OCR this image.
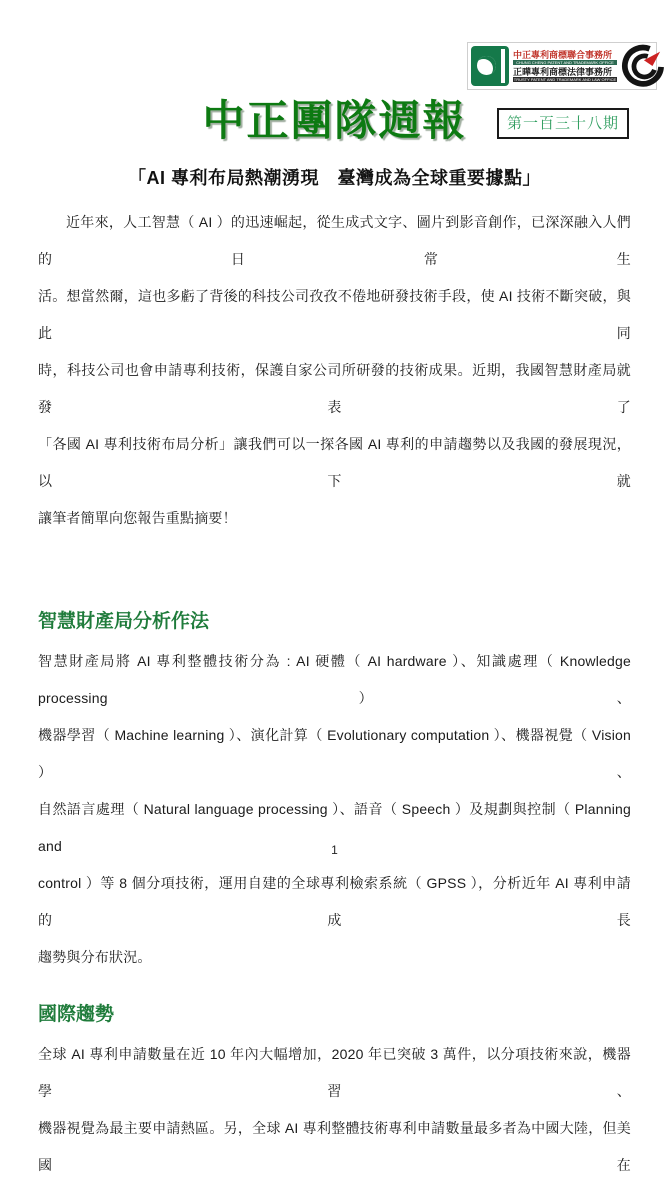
中正專利商標聯合事務所
CHUNG CHENG PATENT AND TRADEMARK OFFICE
正曄專利商標法律事務所
TRUSTY PATENT AND TRADEMARK AND LAW OFFICE
中正團隊週報	第一百三十八期
「AI 專利布局熱潮湧現　臺灣成為全球重要據點」
近年來，人工智慧（ AI ）的迅速崛起，從生成式文字、圖片到影音創作，已深深融入人們的日常生
活。想當然爾，這也多虧了背後的科技公司孜孜不倦地研發技術手段，使 AI 技術不斷突破，與此同
時，科技公司也會申請專利技術，保護自家公司所研發的技術成果。近期，我國智慧財產局就發表了
「各國 AI 專利技術布局分析」讓我們可以一探各國 AI 專利的申請趨勢以及我國的發展現況，以下就
讓筆者簡單向您報告重點摘要！
智慧財產局分析作法
智慧財產局將 AI 專利整體技術分為 : AI 硬體（ AI hardware ）、知識處理（ Knowledge processing）、
機器學習（ Machine learning ）、演化計算（ Evolutionary computation ）、機器視覺（ Vision ）、
自然語言處理（ Natural language processing ）、語音（ Speech ）及規劃與控制（ Planning and
control ）等 8 個分項技術，運用自建的全球專利檢索系統（ GPSS ），分析近年 AI 專利申請的成長
趨勢與分布狀況。
國際趨勢
全球 AI 專利申請數量在近 10 年內大幅增加，2020 年已突破 3 萬件，以分項技術來說，機器學習、
機器視覺為最主要申請熱區。另，全球 AI 專利整體技術專利申請數量最多者為中國大陸，但美國在
1
